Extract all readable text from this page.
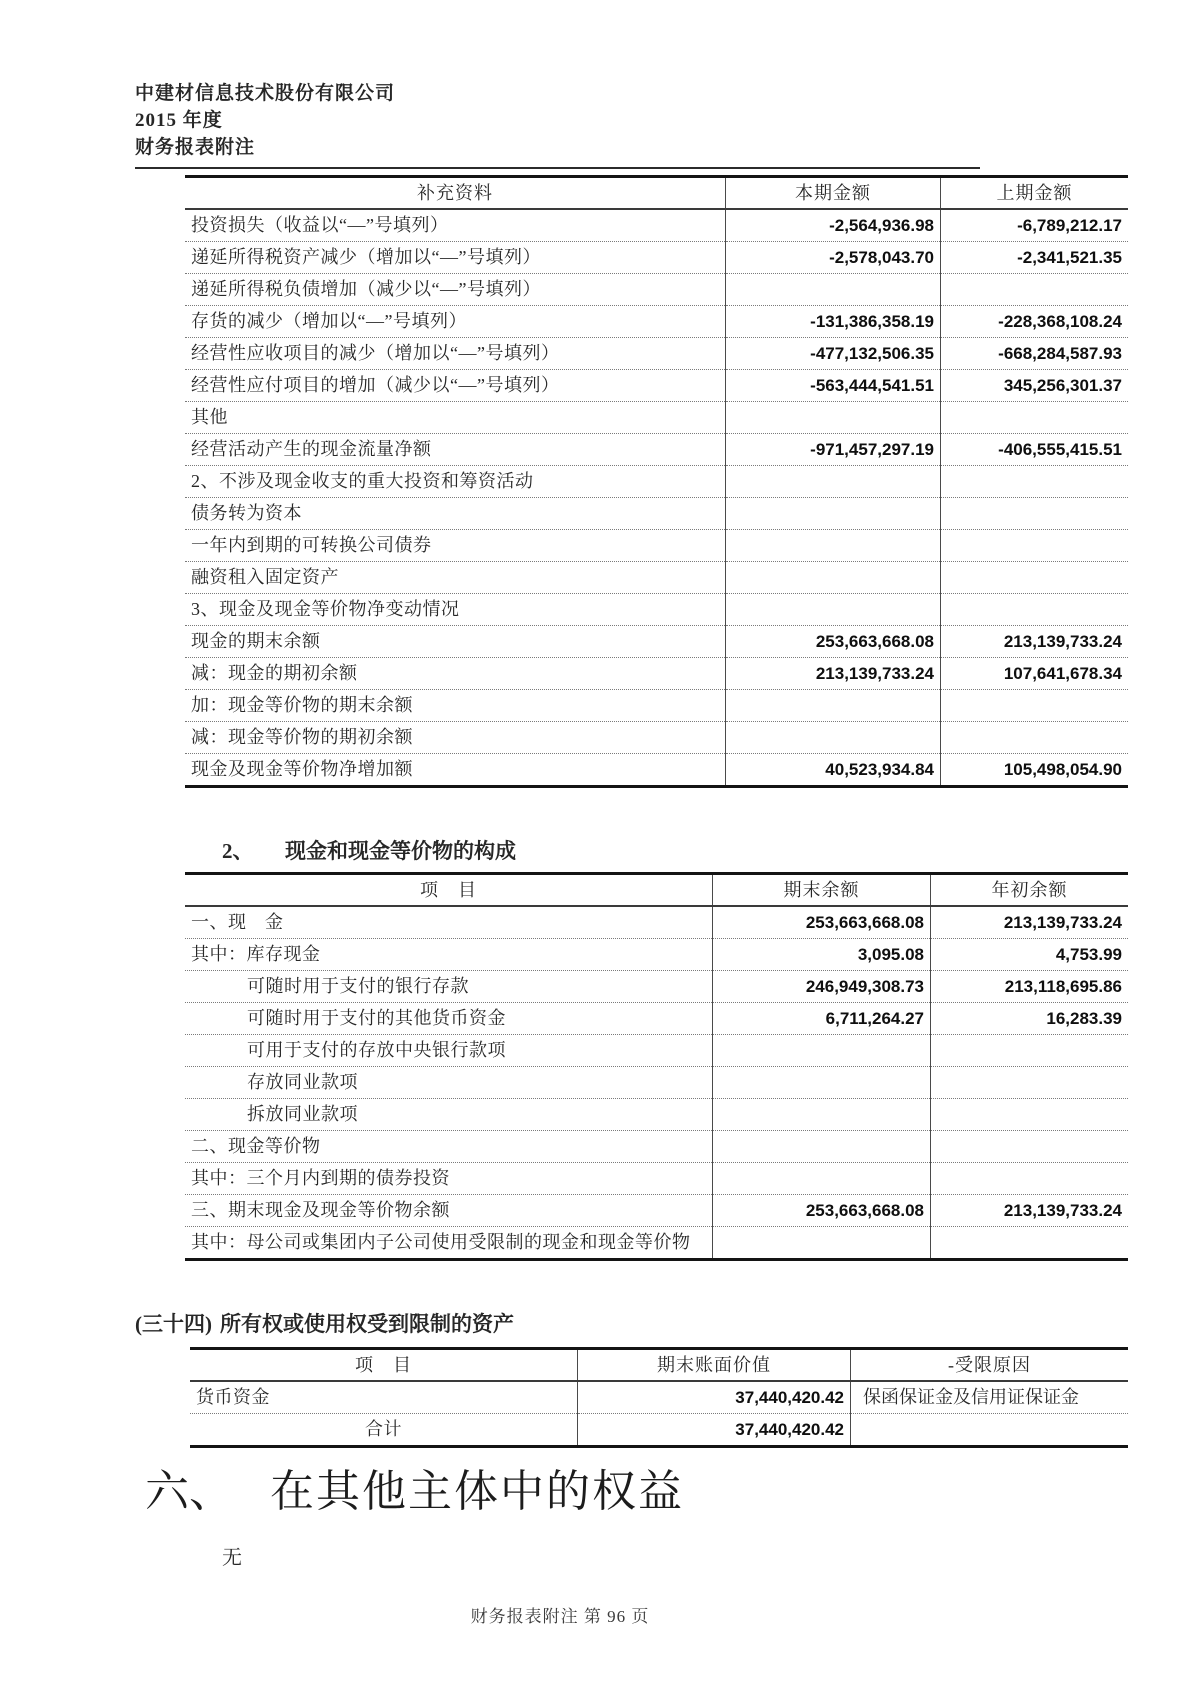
中建材信息技术股份有限公司
2015 年度
财务报表附注
补充资料	本期金额	上期金额
投资损失（收益以“—”号填列）	-2,564,936.98	-6,789,212.17
递延所得税资产减少（增加以“—”号填列）	-2,578,043.70	-2,341,521.35
递延所得税负债增加（减少以“—”号填列）		
存货的减少（增加以“—”号填列）	-131,386,358.19	-228,368,108.24
经营性应收项目的减少（增加以“—”号填列）	-477,132,506.35	-668,284,587.93
经营性应付项目的增加（减少以“—”号填列）	-563,444,541.51	345,256,301.37
其他		
经营活动产生的现金流量净额	-971,457,297.19	-406,555,415.51
2、不涉及现金收支的重大投资和筹资活动		
债务转为资本		
一年内到期的可转换公司债券		
融资租入固定资产		
3、现金及现金等价物净变动情况		
现金的期末余额	253,663,668.08	213,139,733.24
减：现金的期初余额	213,139,733.24	107,641,678.34
加：现金等价物的期末余额		
减：现金等价物的期初余额		
现金及现金等价物净增加额	40,523,934.84	105,498,054.90
2、 现金和现金等价物的构成
项　目	期末余额	年初余额
一、现　金	253,663,668.08	213,139,733.24
其中：库存现金	3,095.08	4,753.99
可随时用于支付的银行存款	246,949,308.73	213,118,695.86
可随时用于支付的其他货币资金	6,711,264.27	16,283.39
可用于支付的存放中央银行款项		
存放同业款项		
拆放同业款项		
二、现金等价物		
其中：三个月内到期的债券投资		
三、期末现金及现金等价物余额	253,663,668.08	213,139,733.24
其中：母公司或集团内子公司使用受限制的现金和现金等价物		
(三十四) 所有权或使用权受到限制的资产
项　目	期末账面价值	-受限原因
货币资金	37,440,420.42	保函保证金及信用证保证金
合计	37,440,420.42	
六、 在其他主体中的权益
无
财务报表附注 第 96 页
